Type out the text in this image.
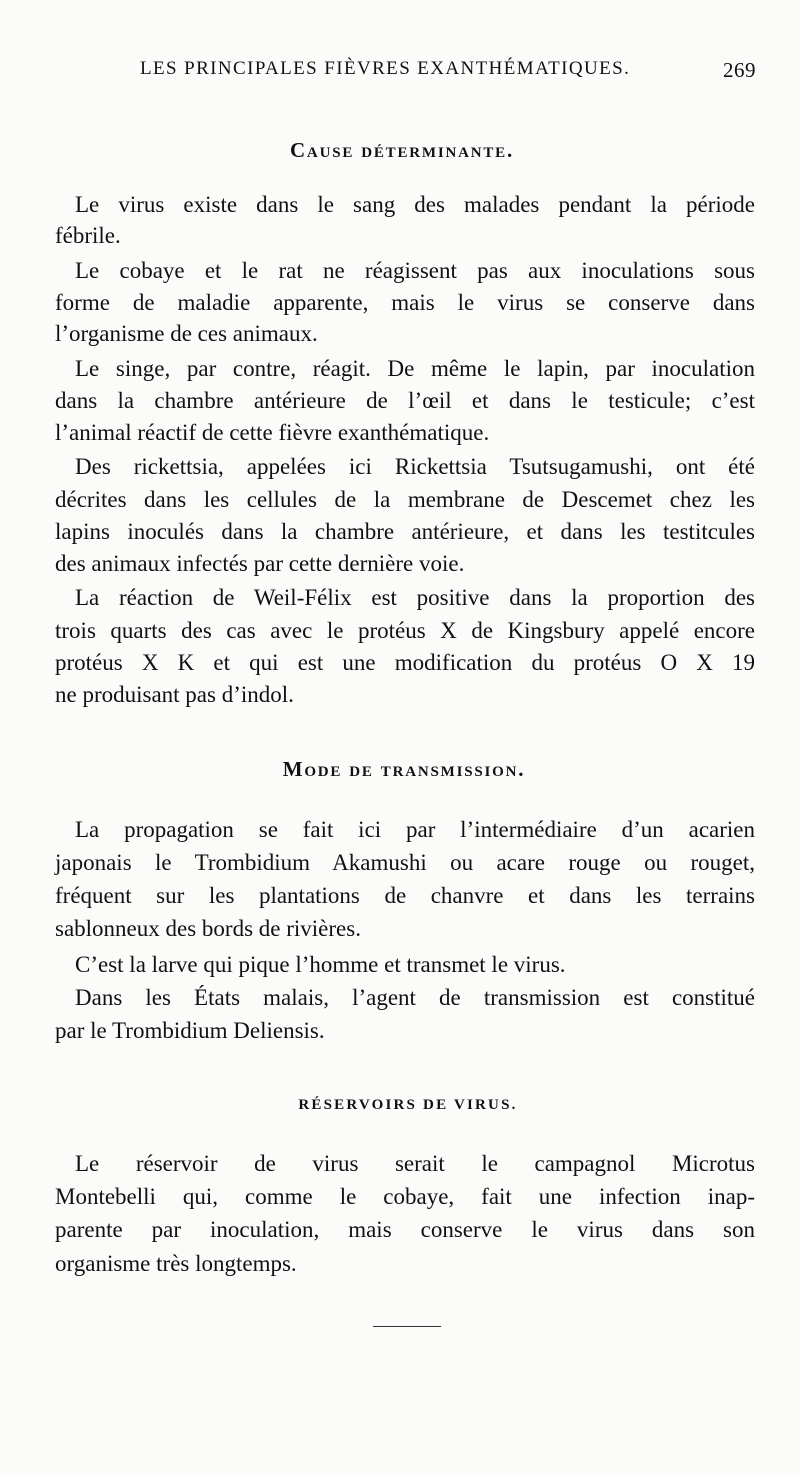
LES PRINCIPALES FIÈVRES EXANTHÉMATIQUES.	269
Cause déterminante.
Le virus existe dans le sang des malades pendant la période
fébrile.
Le cobaye et le rat ne réagissent pas aux inoculations sous
forme de maladie apparente, mais le virus se conserve dans
l’organisme de ces animaux.
Le singe, par contre, réagit. De même le lapin, par inoculation
dans la chambre antérieure de l’œil et dans le testicule; c’est
l’animal réactif de cette fièvre exanthématique.
Des rickettsia, appelées ici Rickettsia Tsutsugamushi, ont été
décrites dans les cellules de la membrane de Descemet chez les
lapins inoculés dans la chambre antérieure, et dans les testitcules
des animaux infectés par cette dernière voie.
La réaction de Weil-Félix est positive dans la proportion des
trois quarts des cas avec le protéus X de Kingsbury appelé encore
protéus X K et qui est une modification du protéus O X 19
ne produisant pas d’indol.
Mode de transmission.
La propagation se fait ici par l’intermédiaire d’un acarien
japonais le Trombidium Akamushi ou acare rouge ou rouget,
fréquent sur les plantations de chanvre et dans les terrains
sablonneux des bords de rivières.
C’est la larve qui pique l’homme et transmet le virus.
Dans les États malais, l’agent de transmission est constitué
par le Trombidium Deliensis.
RÉSERVOIRS DE VIRUS.
Le réservoir de virus serait le campagnol Microtus
Montebelli qui, comme le cobaye, fait une infection inap-
parente par inoculation, mais conserve le virus dans son
organisme très longtemps.
